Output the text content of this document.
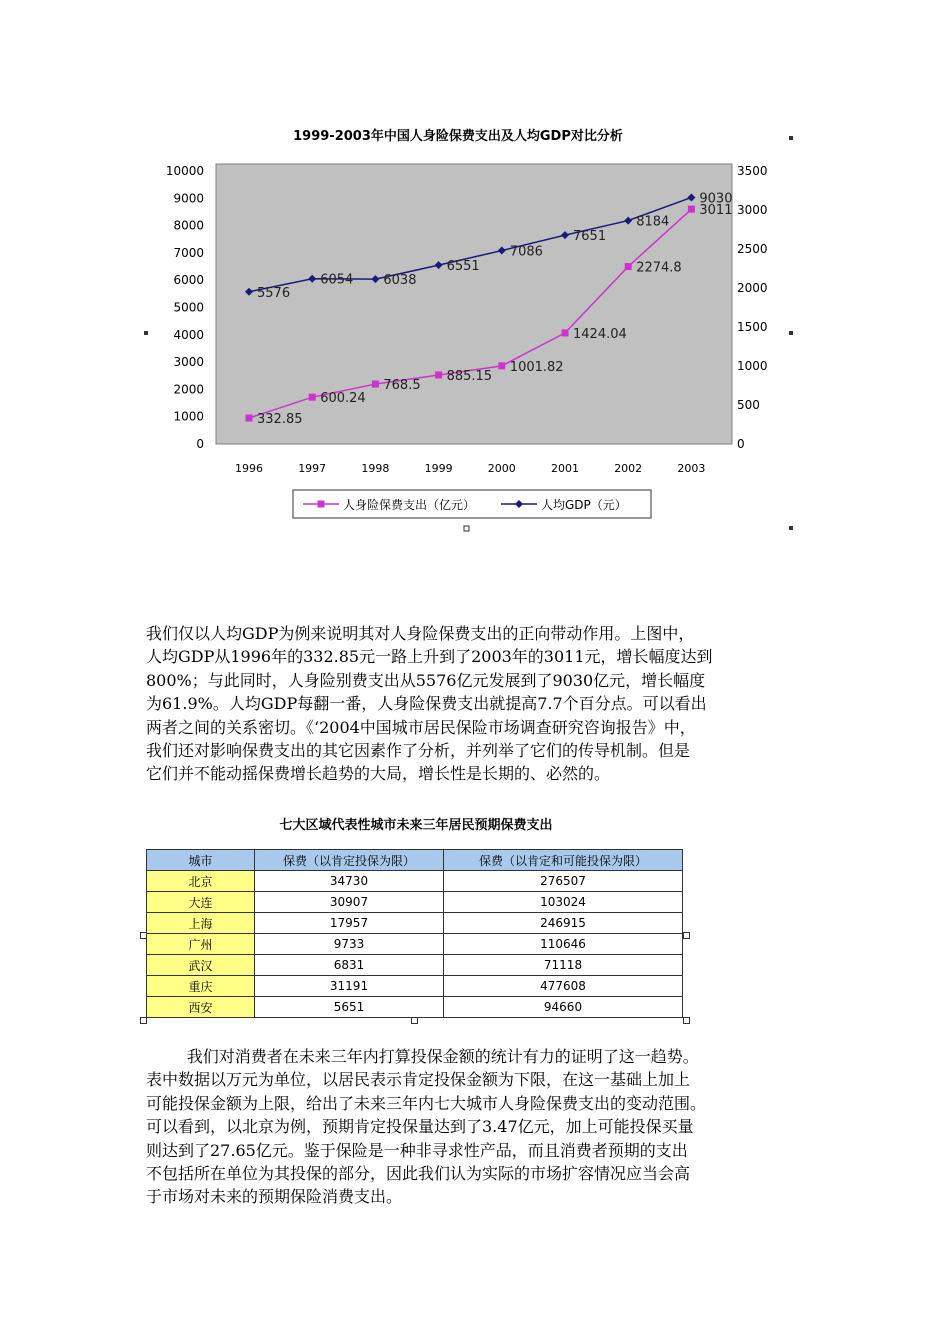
1999-2003年中国人身险保费支出及人均GDP对比分析
0
1000
2000
3000
4000
5000
6000
7000
8000
9000
10000
0
500
1000
1500
2000
2500
3000
3500
1996	1997	1998	1999	2000	2001	2002	2003
332.85
600.24
768.5
885.15
1001.82
1424.04
2274.8
3011
5576
6054 6038
6551
7086
7651
8184
9030
人身险保费支出（亿元）	人均GDP（元）
我们仅以人均GDP为例来说明其对人身险保费支出的正向带动作用。上图中，
人均GDP从1996年的332.85元一路上升到了2003年的3011元，增长幅度达到
800%；与此同时，人身险别费支出从5576亿元发展到了9030亿元，增长幅度
为61.9%。人均GDP每翻一番，人身险保费支出就提高7.7个百分点。可以看出
两者之间的关系密切。《‘2004中国城市居民保险市场调查研究咨询报告》中，
我们还对影响保费支出的其它因素作了分析，并列举了它们的传导机制。但是
它们并不能动摇保费增长趋势的大局，增长性是长期的、必然的。
七大区域代表性城市未来三年居民预期保费支出
城市	保费（以肯定投保为限）	保费（以肯定和可能投保为限）
北京	34730	276507
大连	30907	103024
上海	17957	246915
广州	9733	110646
武汉	6831	71118
重庆	31191	477608
西安	5651	94660
我们对消费者在未来三年内打算投保金额的统计有力的证明了这一趋势。
表中数据以万元为单位，以居民表示肯定投保金额为下限，在这一基础上加上
可能投保金额为上限，给出了未来三年内七大城市人身险保费支出的变动范围。
可以看到，以北京为例，预期肯定投保量达到了3.47亿元，加上可能投保买量
则达到了27.65亿元。鉴于保险是一种非寻求性产品，而且消费者预期的支出
不包括所在单位为其投保的部分，因此我们认为实际的市场扩容情况应当会高
于市场对未来的预期保险消费支出。
